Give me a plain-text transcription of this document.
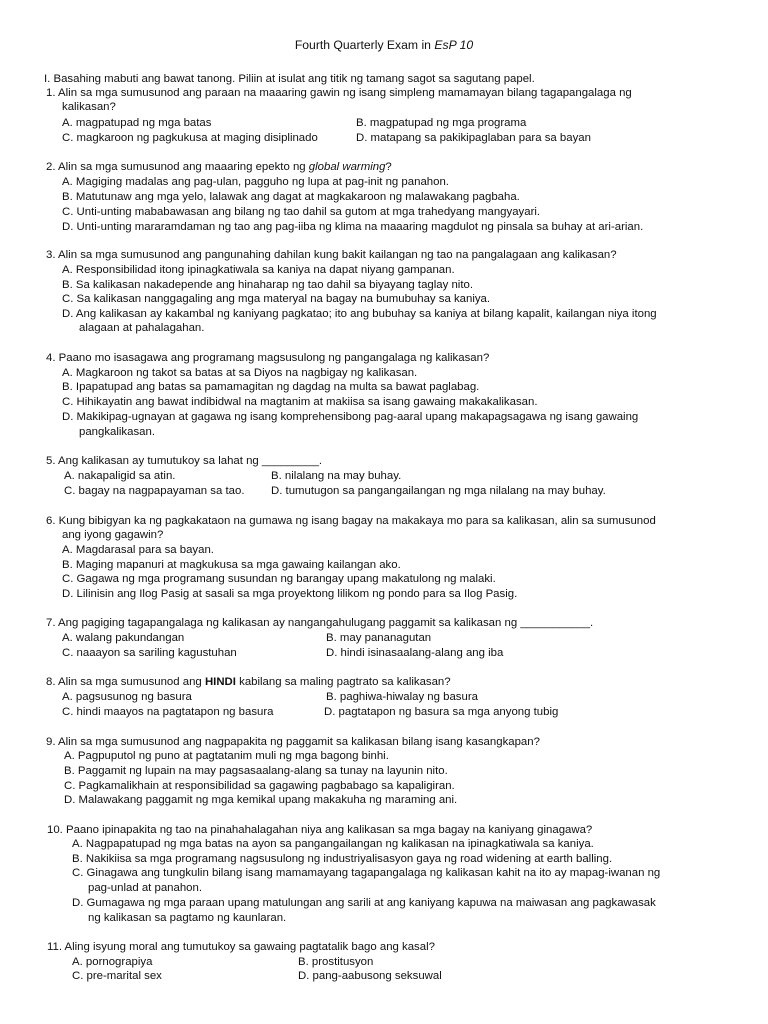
Fourth Quarterly Exam in EsP 10
I. Basahing mabuti ang bawat tanong. Piliin at isulat ang titik ng tamang sagot sa sagutang papel.
1. Alin sa mga sumusunod ang paraan na maaaring gawin ng isang simpleng mamamayan bilang tagapangalaga ng
kalikasan?
A. magpatupad ng mga batas	B. magpatupad ng mga programa
C. magkaroon ng pagkukusa at maging disiplinado	D. matapang sa pakikipaglaban para sa bayan
2. Alin sa mga sumusunod ang maaaring epekto ng global warming?
A. Magiging madalas ang pag-ulan, pagguho ng lupa at pag-init ng panahon.
B. Matutunaw ang mga yelo, lalawak ang dagat at magkakaroon ng malawakang pagbaha.
C. Unti-unting mababawasan ang bilang ng tao dahil sa gutom at mga trahedyang mangyayari.
D. Unti-unting mararamdaman ng tao ang pag-iiba ng klima na maaaring magdulot ng pinsala sa buhay at ari-arian.
3. Alin sa mga sumusunod ang pangunahing dahilan kung bakit kailangan ng tao na pangalagaan ang kalikasan?
A. Responsibilidad itong ipinagkatiwala sa kaniya na dapat niyang gampanan.
B. Sa kalikasan nakadepende ang hinaharap ng tao dahil sa biyayang taglay nito.
C. Sa kalikasan nanggagaling ang mga materyal na bagay na bumubuhay sa kaniya.
D. Ang kalikasan ay kakambal ng kaniyang pagkatao; ito ang bubuhay sa kaniya at bilang kapalit, kailangan niya itong
alagaan at pahalagahan.
4. Paano mo isasagawa ang programang magsusulong ng pangangalaga ng kalikasan?
A. Magkaroon ng takot sa batas at sa Diyos na nagbigay ng kalikasan.
B. Ipapatupad ang batas sa pamamagitan ng dagdag na multa sa bawat paglabag.
C. Hihikayatin ang bawat indibidwal na magtanim at makiisa sa isang gawaing makakalikasan.
D. Makikipag-ugnayan at gagawa ng isang komprehensibong pag-aaral upang makapagsagawa ng isang gawaing
pangkalikasan.
5. Ang kalikasan ay tumutukoy sa lahat ng _________.
A. nakapaligid sa atin.	B. nilalang na may buhay.
C. bagay na nagpapayaman sa tao. D. tumutugon sa pangangailangan ng mga nilalang na may buhay.
6. Kung bibigyan ka ng pagkakataon na gumawa ng isang bagay na makakaya mo para sa kalikasan, alin sa sumusunod
ang iyong gagawin?
A. Magdarasal para sa bayan.
B. Maging mapanuri at magkukusa sa mga gawaing kailangan ako.
C. Gagawa ng mga programang susundan ng barangay upang makatulong ng malaki.
D. Lilinisin ang Ilog Pasig at sasali sa mga proyektong lilikom ng pondo para sa Ilog Pasig.
7. Ang pagiging tagapangalaga ng kalikasan ay nangangahulugang paggamit sa kalikasan ng ___________.
A. walang pakundangan	B. may pananagutan
C. naaayon sa sariling kagustuhan	D. hindi isinasaalang-alang ang iba
8. Alin sa mga sumusunod ang HINDI kabilang sa maling pagtrato sa kalikasan?
A. pagsusunog ng basura	B. paghiwa-hiwalay ng basura
C. hindi maayos na pagtatapon ng basura	D. pagtatapon ng basura sa mga anyong tubig
9. Alin sa mga sumusunod ang nagpapakita ng paggamit sa kalikasan bilang isang kasangkapan?
A. Pagpuputol ng puno at pagtatanim muli ng mga bagong binhi.
B. Paggamit ng lupain na may pagsasaalang-alang sa tunay na layunin nito.
C. Pagkamalikhain at responsibilidad sa gagawing pagbabago sa kapaligiran.
D. Malawakang paggamit ng mga kemikal upang makakuha ng maraming ani.
10. Paano ipinapakita ng tao na pinahahalagahan niya ang kalikasan sa mga bagay na kaniyang ginagawa?
A. Nagpapatupad ng mga batas na ayon sa pangangailangan ng kalikasan na ipinagkatiwala sa kaniya.
B. Nakikiisa sa mga programang nagsusulong ng industriyalisasyon gaya ng road widening at earth balling.
C. Ginagawa ang tungkulin bilang isang mamamayang tagapangalaga ng kalikasan kahit na ito ay mapag-iwanan ng
pag-unlad at panahon.
D. Gumagawa ng mga paraan upang matulungan ang sarili at ang kaniyang kapuwa na maiwasan ang pagkawasak
ng kalikasan sa pagtamo ng kaunlaran.
11. Aling isyung moral ang tumutukoy sa gawaing pagtatalik bago ang kasal?
A. pornograpiya	B. prostitusyon
C. pre-marital sex	D. pang-aabusong seksuwal
